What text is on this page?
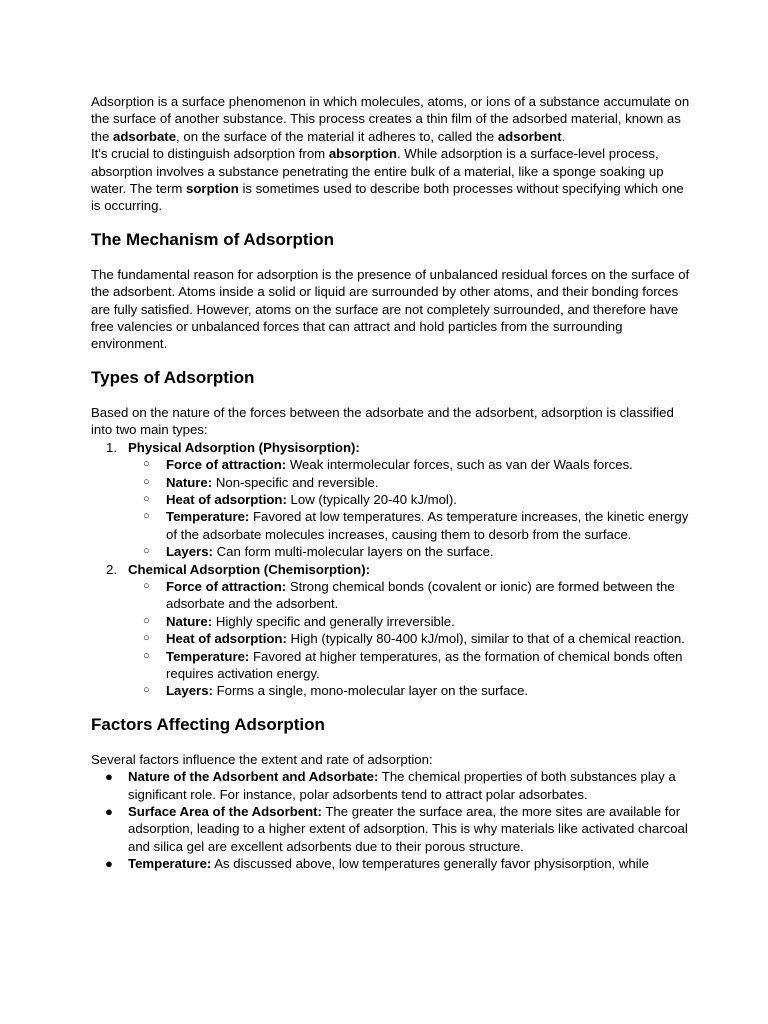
Adsorption is a surface phenomenon in which molecules, atoms, or ions of a substance accumulate on the surface of another substance. This process creates a thin film of the adsorbed material, known as the adsorbate, on the surface of the material it adheres to, called the adsorbent.

It's crucial to distinguish adsorption from absorption. While adsorption is a surface-level process, absorption involves a substance penetrating the entire bulk of a material, like a sponge soaking up water. The term sorption is sometimes used to describe both processes without specifying which one is occurring.

The Mechanism of Adsorption

The fundamental reason for adsorption is the presence of unbalanced residual forces on the surface of the adsorbent. Atoms inside a solid or liquid are surrounded by other atoms, and their bonding forces are fully satisfied. However, atoms on the surface are not completely surrounded, and therefore have free valencies or unbalanced forces that can attract and hold particles from the surrounding environment.

Types of Adsorption

Based on the nature of the forces between the adsorbate and the adsorbent, adsorption is classified into two main types:

1. Physical Adsorption (Physisorption):
○ Force of attraction: Weak intermolecular forces, such as van der Waals forces.
○ Nature: Non-specific and reversible.
○ Heat of adsorption: Low (typically 20-40 kJ/mol).
○ Temperature: Favored at low temperatures. As temperature increases, the kinetic energy of the adsorbate molecules increases, causing them to desorb from the surface.
○ Layers: Can form multi-molecular layers on the surface.
2. Chemical Adsorption (Chemisorption):
○ Force of attraction: Strong chemical bonds (covalent or ionic) are formed between the adsorbate and the adsorbent.
○ Nature: Highly specific and generally irreversible.
○ Heat of adsorption: High (typically 80-400 kJ/mol), similar to that of a chemical reaction.
○ Temperature: Favored at higher temperatures, as the formation of chemical bonds often requires activation energy.
○ Layers: Forms a single, mono-molecular layer on the surface.
Factors Affecting Adsorption

Several factors influence the extent and rate of adsorption:

● Nature of the Adsorbent and Adsorbate: The chemical properties of both substances play a significant role. For instance, polar adsorbents tend to attract polar adsorbates.
● Surface Area of the Adsorbent: The greater the surface area, the more sites are available for adsorption, leading to a higher extent of adsorption. This is why materials like activated charcoal and silica gel are excellent adsorbents due to their porous structure.
● Temperature: As discussed above, low temperatures generally favor physisorption, while
